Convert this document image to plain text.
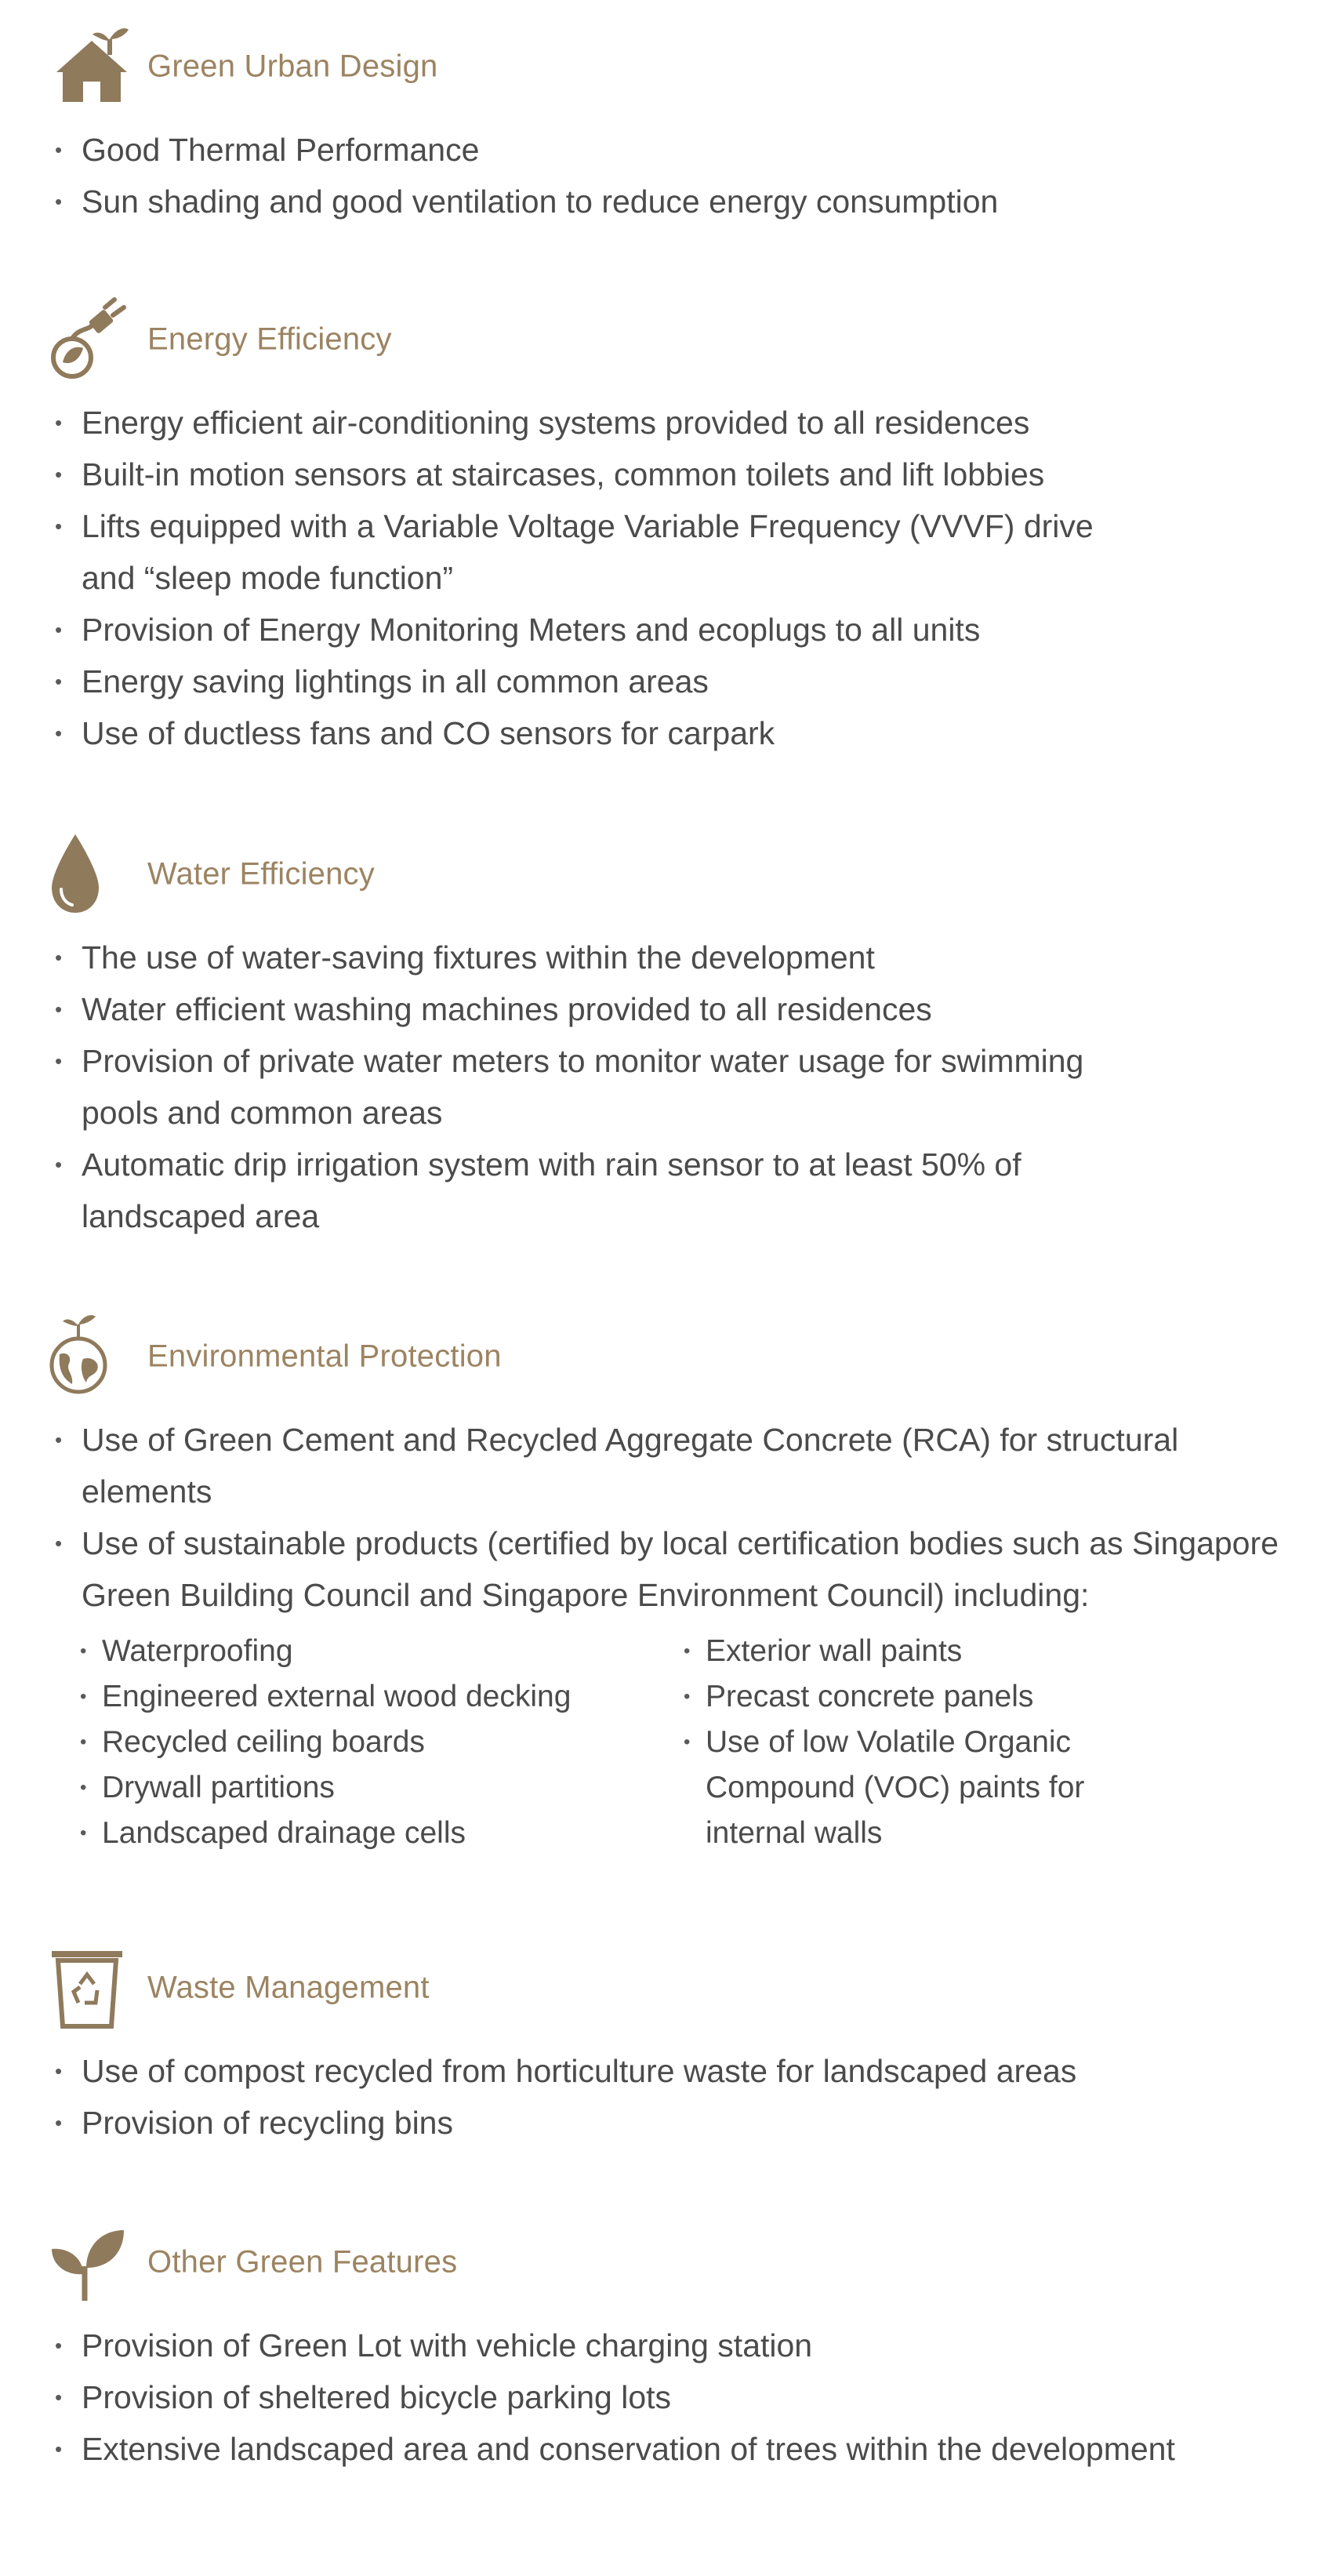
Green Urban Design
• Good Thermal Performance
• Sun shading and good ventilation to reduce energy consumption
Energy Efficiency
• Energy efficient air-conditioning systems provided to all residences
• Built-in motion sensors at staircases, common toilets and lift lobbies
• Lifts equipped with a Variable Voltage Variable Frequency (VVVF) drive and “sleep mode function”
• Provision of Energy Monitoring Meters and ecoplugs to all units
• Energy saving lightings in all common areas
• Use of ductless fans and CO sensors for carpark
Water Efficiency
• The use of water-saving fixtures within the development
• Water efficient washing machines provided to all residences
• Provision of private water meters to monitor water usage for swimming pools and common areas
• Automatic drip irrigation system with rain sensor to at least 50% of landscaped area
Environmental Protection
• Use of Green Cement and Recycled Aggregate Concrete (RCA) for structural elements
• Use of sustainable products (certified by local certification bodies such as Singapore Green Building Council and Singapore Environment Council) including:
• Waterproofing
• Engineered external wood decking
• Recycled ceiling boards
• Drywall partitions
• Landscaped drainage cells
• Exterior wall paints
• Precast concrete panels
• Use of low Volatile Organic Compound (VOC) paints for internal walls
Waste Management
• Use of compost recycled from horticulture waste for landscaped areas
• Provision of recycling bins
Other Green Features
• Provision of Green Lot with vehicle charging station
• Provision of sheltered bicycle parking lots
• Extensive landscaped area and conservation of trees within the development
